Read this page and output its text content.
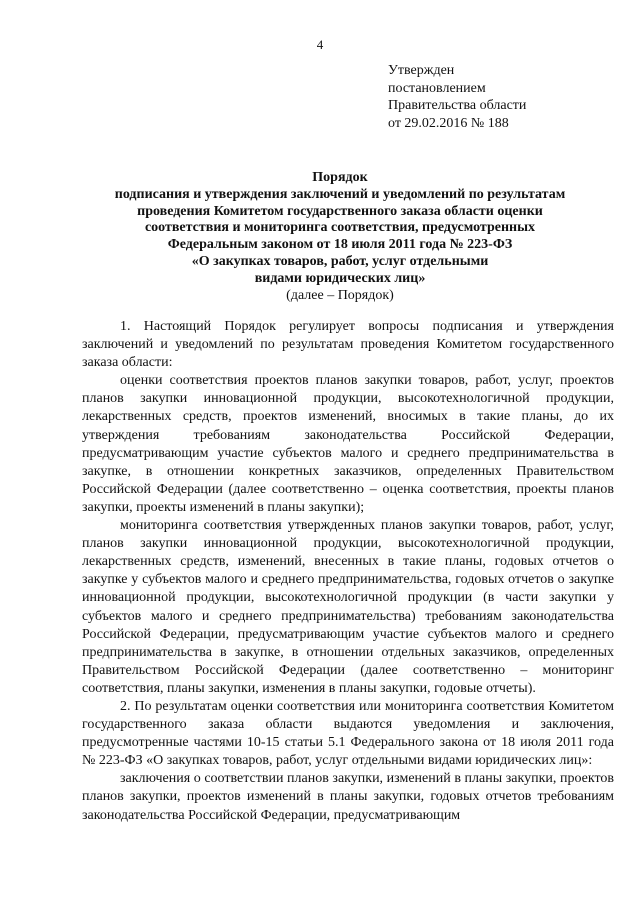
4
Утвержден
постановлением
Правительства области
от 29.02.2016 № 188
Порядок
подписания и утверждения заключений и уведомлений по результатам
проведения Комитетом государственного заказа области оценки
соответствия и мониторинга соответствия, предусмотренных
Федеральным законом от 18 июля 2011 года № 223-ФЗ
«О закупках товаров, работ, услуг отдельными
видами юридических лиц»
(далее – Порядок)

1. Настоящий Порядок регулирует вопросы подписания и утверждения заключений и уведомлений по результатам проведения Комитетом государственного заказа области:

оценки соответствия проектов планов закупки товаров, работ, услуг, проектов планов закупки инновационной продукции, высокотехнологичной продукции, лекарственных средств, проектов изменений, вносимых в такие планы, до их утверждения требованиям законодательства Российской Федерации, предусматривающим участие субъектов малого и среднего предпринимательства в закупке, в отношении конкретных заказчиков, определенных Правительством Российской Федерации (далее соответственно – оценка соответствия, проекты планов закупки, проекты изменений в планы закупки);

мониторинга соответствия утвержденных планов закупки товаров, работ, услуг, планов закупки инновационной продукции, высокотехнологичной продукции, лекарственных средств, изменений, внесенных в такие планы, годовых отчетов о закупке у субъектов малого и среднего предпринимательства, годовых отчетов о закупке инновационной продукции, высокотехнологичной продукции (в части закупки у субъектов малого и среднего предпринимательства) требованиям законодательства Российской Федерации, предусматривающим участие субъектов малого и среднего предпринимательства в закупке, в отношении отдельных заказчиков, определенных Правительством Российской Федерации (далее соответственно – мониторинг соответствия, планы закупки, изменения в планы закупки, годовые отчеты).

2. По результатам оценки соответствия или мониторинга соответствия Комитетом государственного заказа области выдаются уведомления и заключения, предусмотренные частями 10-15 статьи 5.1 Федерального закона от 18 июля 2011 года № 223-ФЗ «О закупках товаров, работ, услуг отдельными видами юридических лиц»:

заключения о соответствии планов закупки, изменений в планы закупки, проектов планов закупки, проектов изменений в планы закупки, годовых отчетов требованиям законодательства Российской Федерации, предусматривающим
